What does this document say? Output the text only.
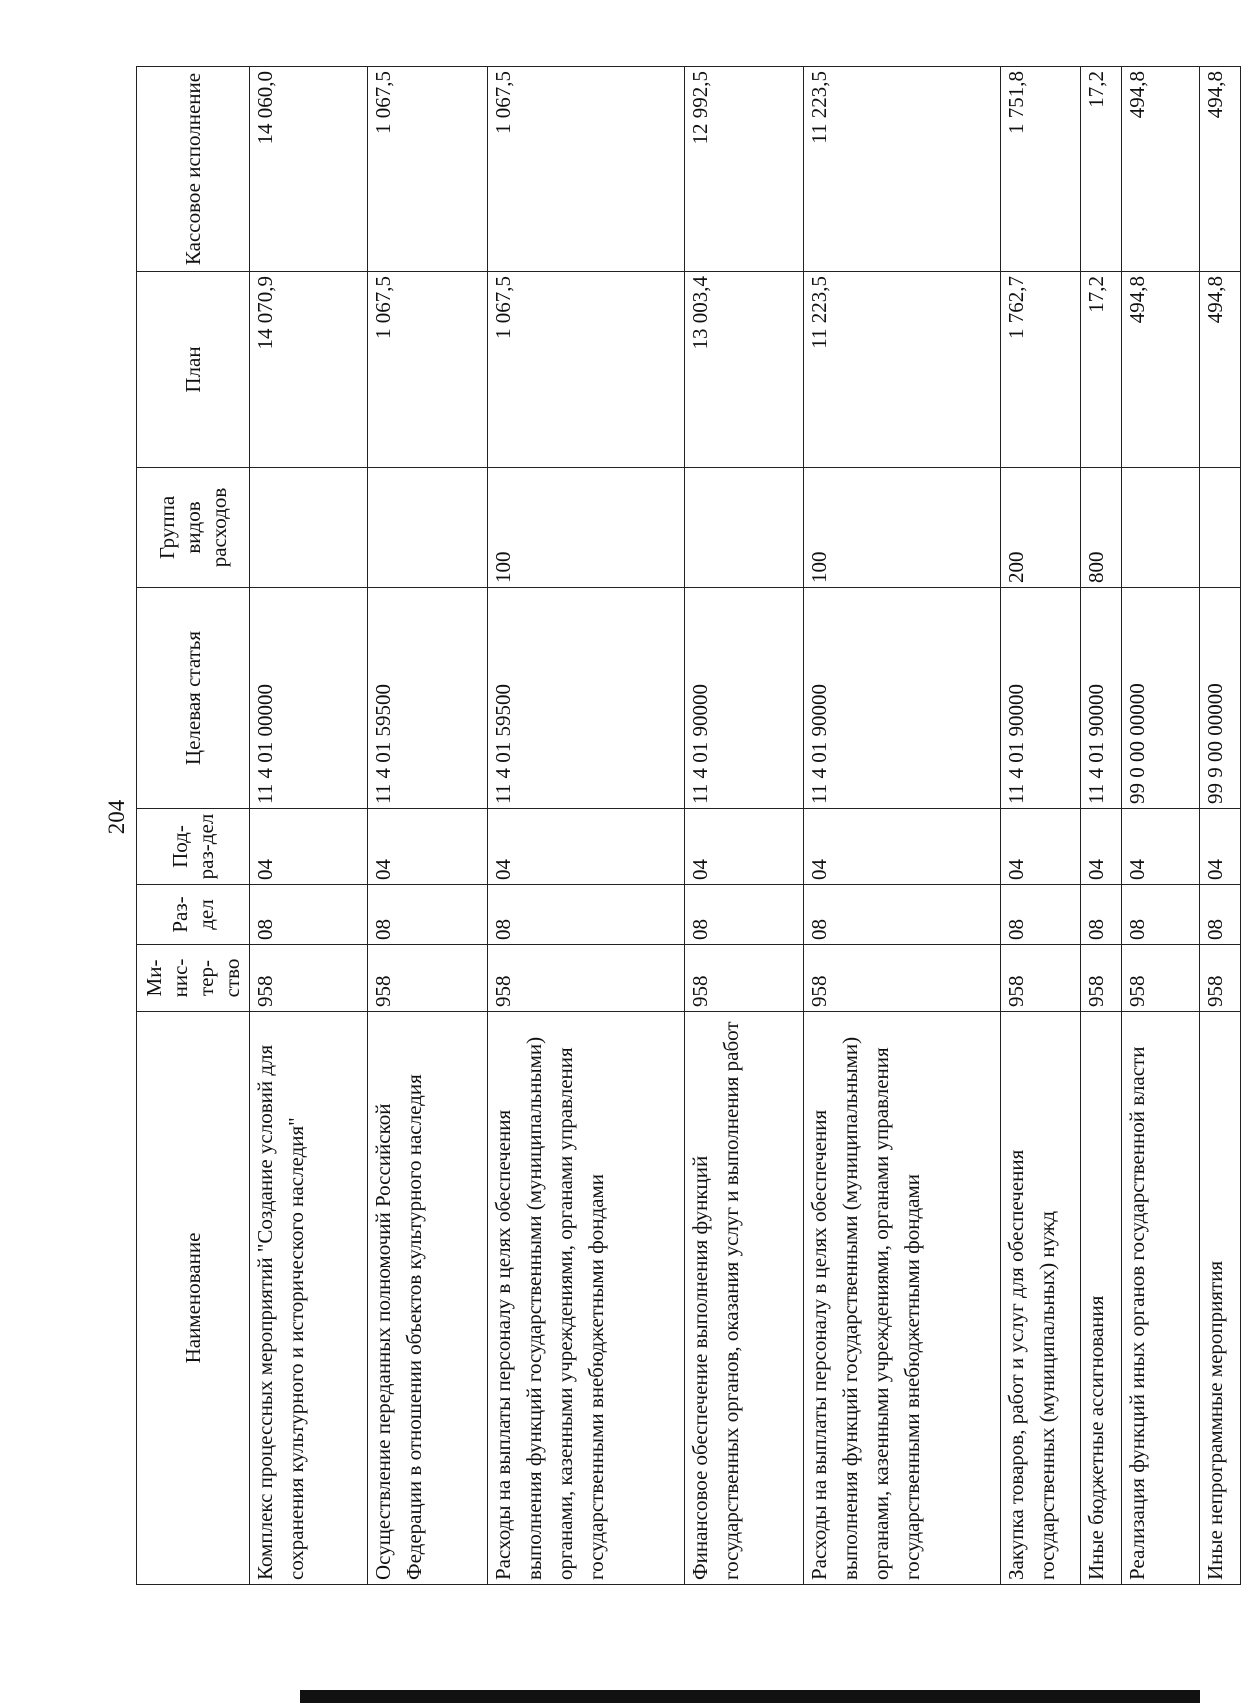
204
Наименование	Ми-нис-тер-ство	Раз-дел	Под-раз-дел	Целевая статья	Группа видов расходов	План	Кассовое исполнение
Комплекс процессных мероприятий "Создание условий для сохранения культурного и исторического наследия"	958	08	04	11 4 01 00000		14 070,9	14 060,0
Осуществление переданных полномочий Российской Федерации в отношении объектов культурного наследия	958	08	04	11 4 01 59500		1 067,5	1 067,5
Расходы на выплаты персоналу в целях обеспечения выполнения функций государственными (муниципальными) органами, казенными учреждениями, органами управления государственными внебюджетными фондами	958	08	04	11 4 01 59500	100	1 067,5	1 067,5
Финансовое обеспечение выполнения функций государственных органов, оказания услуг и выполнения работ	958	08	04	11 4 01 90000		13 003,4	12 992,5
Расходы на выплаты персоналу в целях обеспечения выполнения функций государственными (муниципальными) органами, казенными учреждениями, органами управления государственными внебюджетными фондами	958	08	04	11 4 01 90000	100	11 223,5	11 223,5
Закупка товаров, работ и услуг для обеспечения государственных (муниципальных) нужд	958	08	04	11 4 01 90000	200	1 762,7	1 751,8
Иные бюджетные ассигнования	958	08	04	11 4 01 90000	800	17,2	17,2
Реализация функций иных органов государственной власти	958	08	04	99 0 00 00000		494,8	494,8
Иные непрограммные мероприятия	958	08	04	99 9 00 00000		494,8	494,8
